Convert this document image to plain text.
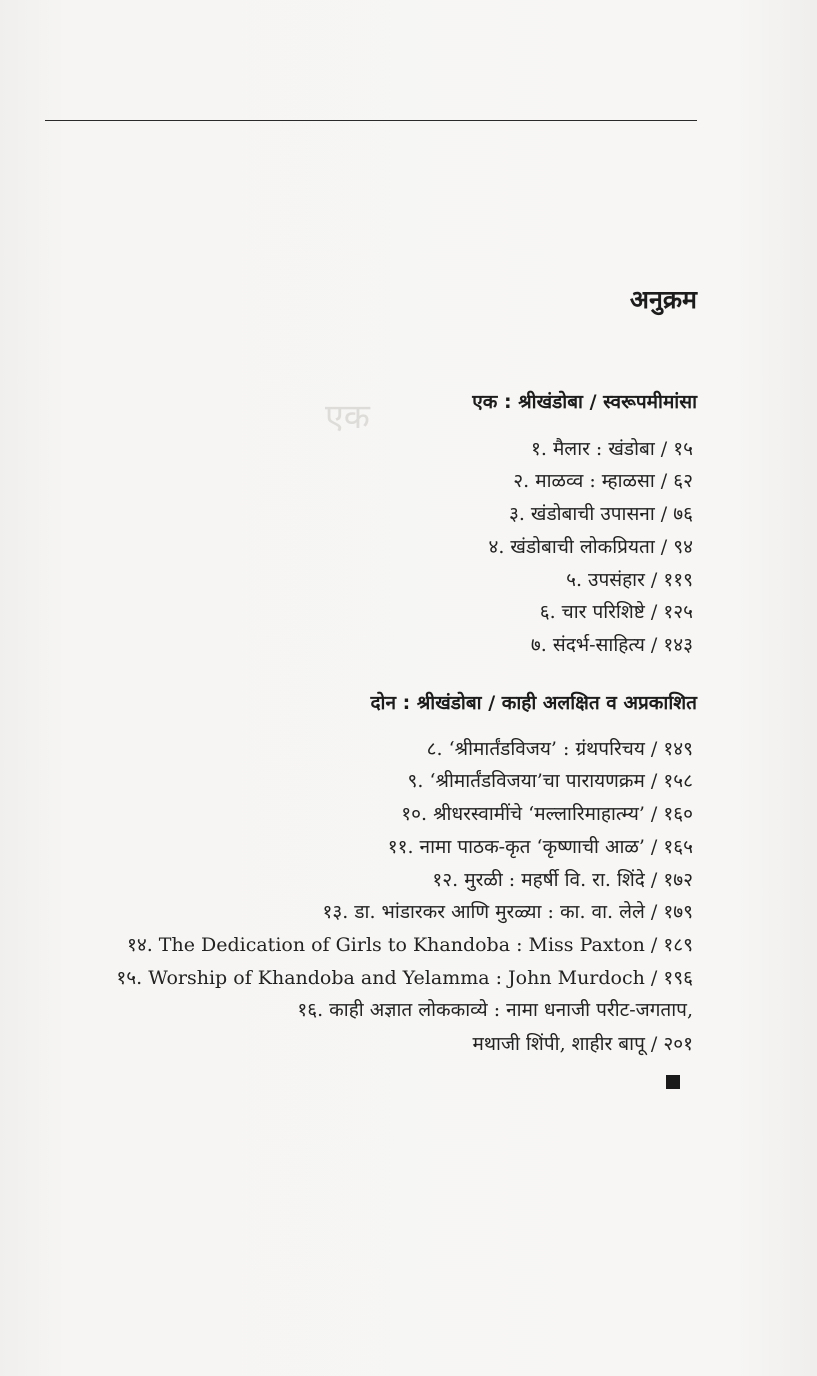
एक
अनुक्रम
एक : श्रीखंडोबा / स्वरूपमीमांसा
१. मैलार : खंडोबा / १५
२. माळव्व : म्हाळसा / ६२
३. खंडोबाची उपासना / ७६
४. खंडोबाची लोकप्रियता / ९४
५. उपसंहार / ११९
६. चार परिशिष्टे / १२५
७. संदर्भ-साहित्य / १४३
दोन : श्रीखंडोबा / काही अलक्षित व अप्रकाशित
८. ‘श्रीमार्तंडविजय’ : ग्रंथपरिचय / १४९
९. ‘श्रीमार्तंडविजया’चा पारायणक्रम / १५८
१०. श्रीधरस्वामींचे ‘मल्लारिमाहात्म्य’ / १६०
११. नामा पाठक-कृत ‘कृष्णाची आळ’ / १६५
१२. मुरळी : महर्षी वि. रा. शिंदे / १७२
१३. डा. भांडारकर आणि मुरळ्या : का. वा. लेले / १७९
१४. The Dedication of Girls to Khandoba : Miss Paxton / १८९
१५. Worship of Khandoba and Yelamma : John Murdoch / १९६
१६. काही अज्ञात लोककाव्ये : नामा धनाजी परीट-जगताप,
मथाजी शिंपी, शाहीर बापू / २०१
